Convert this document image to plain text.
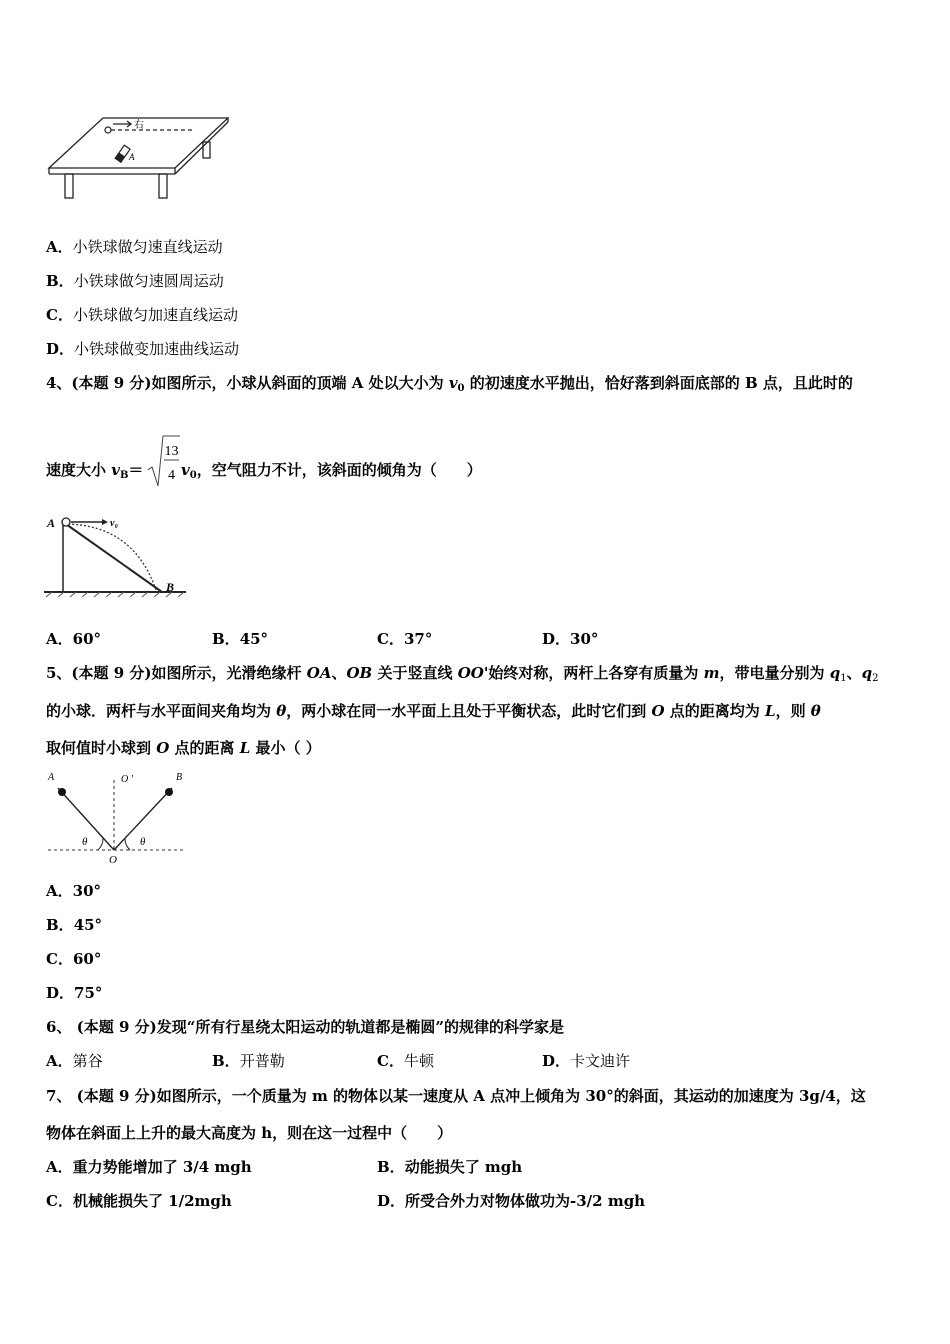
右
A
A．小铁球做匀速直线运动
B．小铁球做匀速圆周运动
C．小铁球做匀加速直线运动
D．小铁球做变加速曲线运动
4、(本题 9 分)如图所示，小球从斜面的顶端 A 处以大小为 $v_0$ 的初速度水平抛出，恰好落到斜面底部的 B 点，且此时的
速度大小 $v_B=$
13
4 $v_0$，空气阻力不计，该斜面的倾角为（　　）
A	v₀
B
A．60°	B．45°	C．37°	D．30°
5、(本题 9 分)如图所示，光滑绝缘杆 OA、OB 关于竖直线 OO'始终对称，两杆上各穿有质量为 m，带电量分别为 $q_1$、$q_2$
的小球．两杆与水平面间夹角均为 θ，两小球在同一水平面上且处于平衡状态，此时它们到 O 点的距离均为 L，则 θ
取何值时小球到 O 点的距离 L 最小（ ）
A	B
O '
O
θ	θ
A．30°
B．45°
C．60°
D．75°
6、 (本题 9 分)发现“所有行星绕太阳运动的轨道都是椭圆”的规律的科学家是
A．第谷	B．开普勒	C．牛顿	D．卡文迪许
7、 (本题 9 分)如图所示，一个质量为 m 的物体以某一速度从 A 点冲上倾角为 30°的斜面，其运动的加速度为 3g/4，这
物体在斜面上上升的最大高度为 h，则在这一过程中（　　）
A．重力势能增加了 3/4 mgh	B．动能损失了 mgh
C．机械能损失了 1/2mgh	D．所受合外力对物体做功为-3/2 mgh
